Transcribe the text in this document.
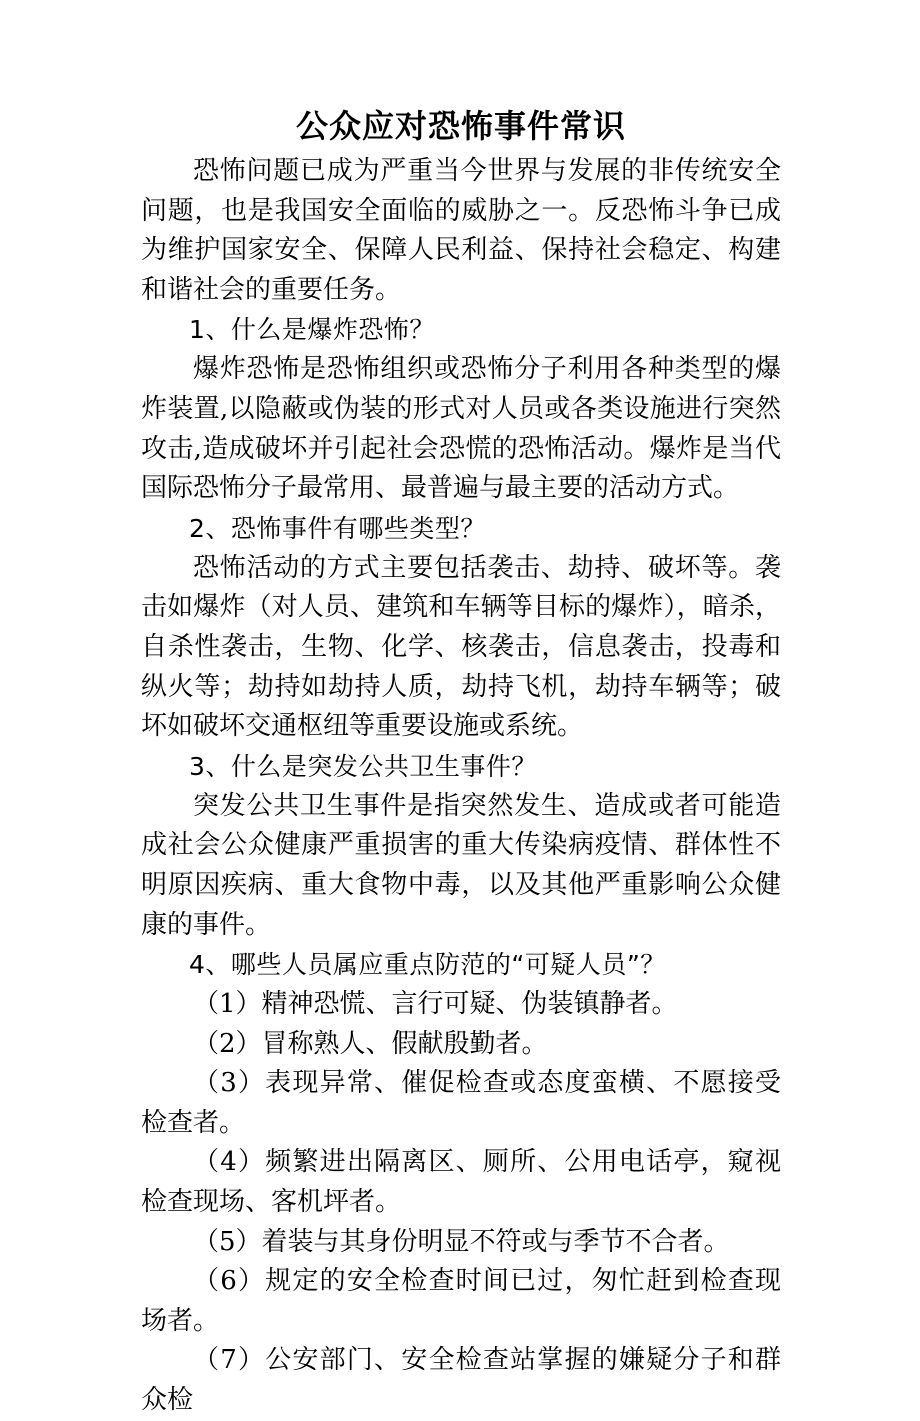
公众应对恐怖事件常识

恐怖问题已成为严重当今世界与发展的非传统安全问题，也是我国安全面临的威胁之一。反恐怖斗争已成为维护国家安全、保障人民利益、保持社会稳定、构建和谐社会的重要任务。

1、什么是爆炸恐怖？

爆炸恐怖是恐怖组织或恐怖分子利用各种类型的爆炸装置,以隐蔽或伪装的形式对人员或各类设施进行突然攻击,造成破坏并引起社会恐慌的恐怖活动。爆炸是当代国际恐怖分子最常用、最普遍与最主要的活动方式。

2、恐怖事件有哪些类型？

恐怖活动的方式主要包括袭击、劫持、破坏等。袭击如爆炸（对人员、建筑和车辆等目标的爆炸），暗杀，自杀性袭击，生物、化学、核袭击，信息袭击，投毒和纵火等；劫持如劫持人质，劫持飞机，劫持车辆等；破坏如破坏交通枢纽等重要设施或系统。

3、什么是突发公共卫生事件？

突发公共卫生事件是指突然发生、造成或者可能造成社会公众健康严重损害的重大传染病疫情、群体性不明原因疾病、重大食物中毒，以及其他严重影响公众健康的事件。

4、哪些人员属应重点防范的“可疑人员”？

（1）精神恐慌、言行可疑、伪装镇静者。

（2）冒称熟人、假献殷勤者。

（3）表现异常、催促检查或态度蛮横、不愿接受检查者。

（4）频繁进出隔离区、厕所、公用电话亭，窥视检查现场、客机坪者。

（5）着装与其身份明显不符或与季节不合者。

（6）规定的安全检查时间已过，匆忙赶到检查现场者。

（7）公安部门、安全检查站掌握的嫌疑分子和群众检
